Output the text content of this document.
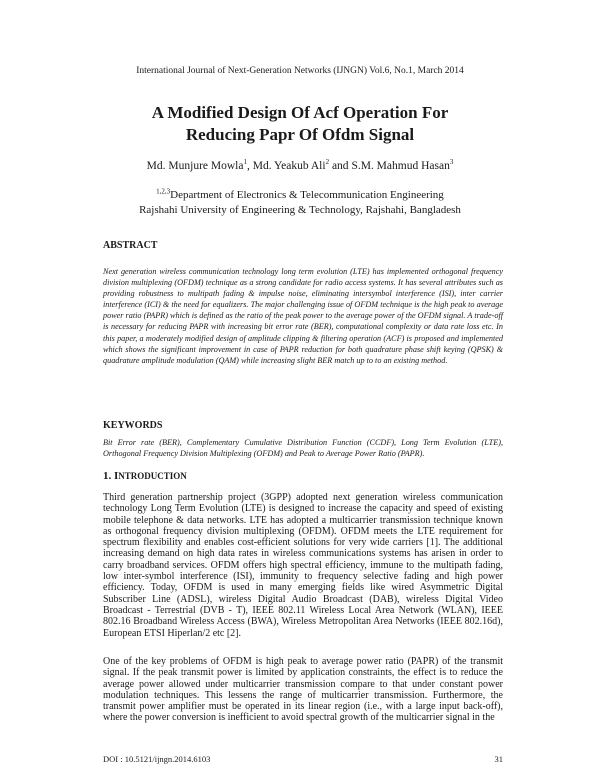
International Journal of Next-Generation Networks (IJNGN) Vol.6, No.1, March 2014
A Modified Design Of Acf Operation For
Reducing Papr Of Ofdm Signal
Md. Munjure Mowla$^1$, Md. Yeakub Ali$^2$ and S.M. Mahmud Hasan$^3$
$^{1,2,3}$Department of Electronics & Telecommunication Engineering
Rajshahi University of Engineering & Technology, Rajshahi, Bangladesh
ABSTRACT
Next generation wireless communication technology long term evolution (LTE) has implemented orthogonal frequency division multiplexing (OFDM) technique as a strong candidate for radio access systems. It has several attributes such as providing robustness to multipath fading & impulse noise, eliminating intersymbol interference (ISI), inter carrier interference (ICI) & the need for equalizers. The major challenging issue of OFDM technique is the high peak to average power ratio (PAPR) which is defined as the ratio of the peak power to the average power of the OFDM signal. A trade-off is necessary for reducing PAPR with increasing bit error rate (BER), computational complexity or data rate loss etc. In this paper, a moderately modified design of amplitude clipping & filtering operation (ACF) is proposed and implemented which shows the significant improvement in case of PAPR reduction for both quadrature phase shift keying (QPSK) & quadrature amplitude modulation (QAM) while increasing slight BER match up to to an existing method.
KEYWORDS
Bit Error rate (BER), Complementary Cumulative Distribution Function (CCDF), Long Term Evolution (LTE), Orthogonal Frequency Division Multiplexing (OFDM) and Peak to Average Power Ratio (PAPR).
1. INTRODUCTION
Third generation partnership project (3GPP) adopted next generation wireless communication technology Long Term Evolution (LTE) is designed to increase the capacity and speed of existing mobile telephone & data networks. LTE has adopted a multicarrier transmission technique known as orthogonal frequency division multiplexing (OFDM). OFDM meets the LTE requirement for spectrum flexibility and enables cost-efficient solutions for very wide carriers [1]. The additional increasing demand on high data rates in wireless communications systems has arisen in order to carry broadband services. OFDM offers high spectral efficiency, immune to the multipath fading, low inter-symbol interference (ISI), immunity to frequency selective fading and high power efficiency. Today, OFDM is used in many emerging fields like wired Asymmetric Digital Subscriber Line (ADSL), wireless Digital Audio Broadcast (DAB), wireless Digital Video Broadcast - Terrestrial (DVB - T), IEEE 802.11 Wireless Local Area Network (WLAN), IEEE 802.16 Broadband Wireless Access (BWA), Wireless Metropolitan Area Networks (IEEE 802.16d), European ETSI Hiperlan/2 etc [2].
One of the key problems of OFDM is high peak to average power ratio (PAPR) of the transmit signal. If the peak transmit power is limited by application constraints, the effect is to reduce the average power allowed under multicarrier transmission compare to that under constant power modulation techniques. This lessens the range of multicarrier transmission. Furthermore, the transmit power amplifier must be operated in its linear region (i.e., with a large input back-off), where the power conversion is inefficient to avoid spectral growth of the multicarrier signal in the
DOI : 10.5121/ijngn.2014.6103	31
